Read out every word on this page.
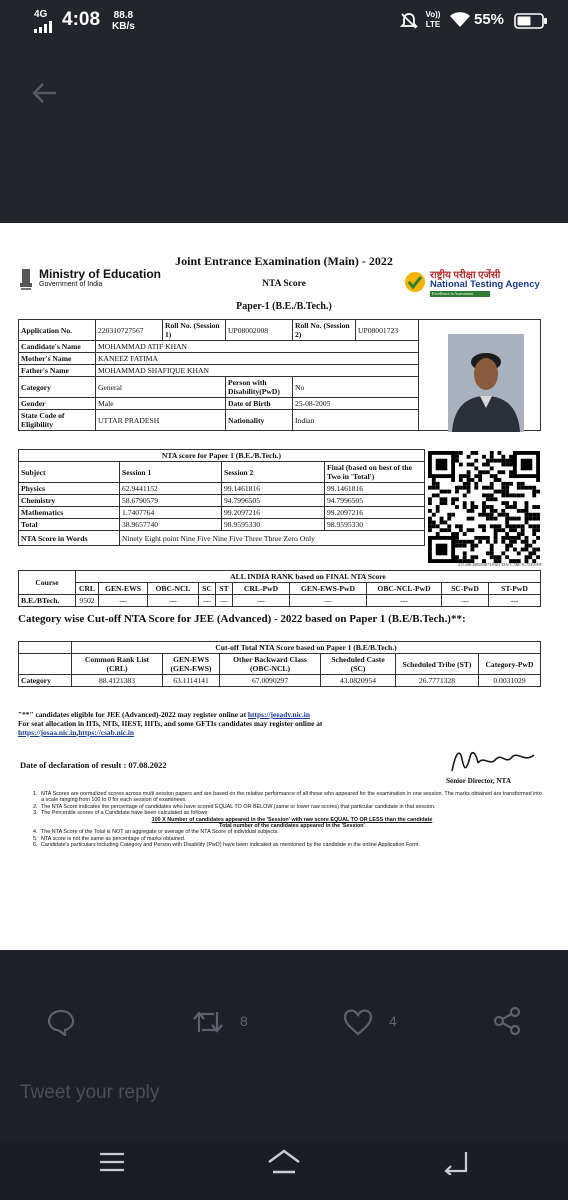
4G 4:08 88.8
KB/s
Vo)) LTE 55%
Joint Entrance Examination (Main) - 2022
Ministry of Education
Government of India	NTA Score
राष्ट्रीय परीक्षा एजेंसी
National Testing Agency
Excellence in Assessment
Paper-1 (B.E./B.Tech.)
Application No.	220310727567	Roll No. (Session 1)	UP08002008	Roll No. (Session 2)	UP08001723	
Candidate's Name	MOHAMMAD ATIF KHAN					
Mother's Name	KANEEZ FATIMA					
Father's Name	MOHAMMAD SHAFIQUE KHAN					
Category	General		Person with Disability(PwD)	No		
Gender	Male		Date of Birth	25-08-2005		
State Code of Eligibility	UTTAR PRADESH		Nationality	Indian		
NTA score for Paper 1 (B.E./B.Tech.)			
Subject	Session 1	Session 2	Final (based on best of the Two in 'Total')
Physics	62.9441152	99.1461816	99.1461816
Chemistry	58.6790579	94.7996505	94.7996505
Mathematics	1.7407764	99.2097216	99.2097216
Total	38.9657740	98.9595330	98.9595330
NTA Score in Words	Ninety Eight point Nine Five Nine Five Three Three Zero Only		
27C68CB858987183ECDA7C7BF3C75FDFE
Course	ALL INDIA RANK based on FINAL NTA Score									
	CRL	GEN-EWS	OBC-NCL	SC	ST	CRL-PwD	GEN-EWS-PwD	OBC-NCL-PwD	SC-PwD	ST-PwD
B.E./BTech.	9502	---	---	---	---	---	---	---	---	---
Category wise Cut-off NTA Score for JEE (Advanced) - 2022 based on Paper 1 (B.E/B.Tech.)**:
	Cut-off Total NTA Score based on Paper 1 (B.E/B.Tech.)					
	Common Rank List (CRL)	GEN-EWS (GEN-EWS)	Other Backward Class (OBC-NCL)	Scheduled Caste (SC)	Scheduled Tribe (ST)	Category-PwD
Category	88.4121383	63.1114141	67.0090297	43.0820954	26.7771328	0.0031029
"**" candidates eligible for JEE (Advanced)-2022 may register online at https://jeeadv.nic.in
For seat allocation in IITs, NITs, IIEST, IIITs, and some GFTIs candidates may register online at
https://josaa.nic.in,https://csab.nic.in
Date of declaration of result : 07.08.2022
Senior Director, NTA
1. NTA Scores are normalized scores across multi session papers and are based on the relative performance of all those who appeared for the examination in one session. The marks obtained are transformed into a scale ranging from 100 to 0 for each session of examinees.
2. The NTA Score indicates the percentage of candidates who have scored EQUAL TO OR BELOW (same or lower raw scores) that particular candidate in that session.
3. The Percentile scores of a Candidate have been calculated as follows:
100 X Number of candidates appeared in the 'Session' with raw score EQUAL TO OR LESS than the candidate
Total number of the candidates appeared in the 'Session'
4. The NTA Score of the Total is NOT an aggregate or average of the NTA Score of individual subjects.
5. NTA score is not the same as percentage of marks obtained.
6. Candidate's particulars including Category and Person with Disability (PwD) have been indicated as mentioned by the candidate in the online Application Form.
8	4
Tweet your reply
